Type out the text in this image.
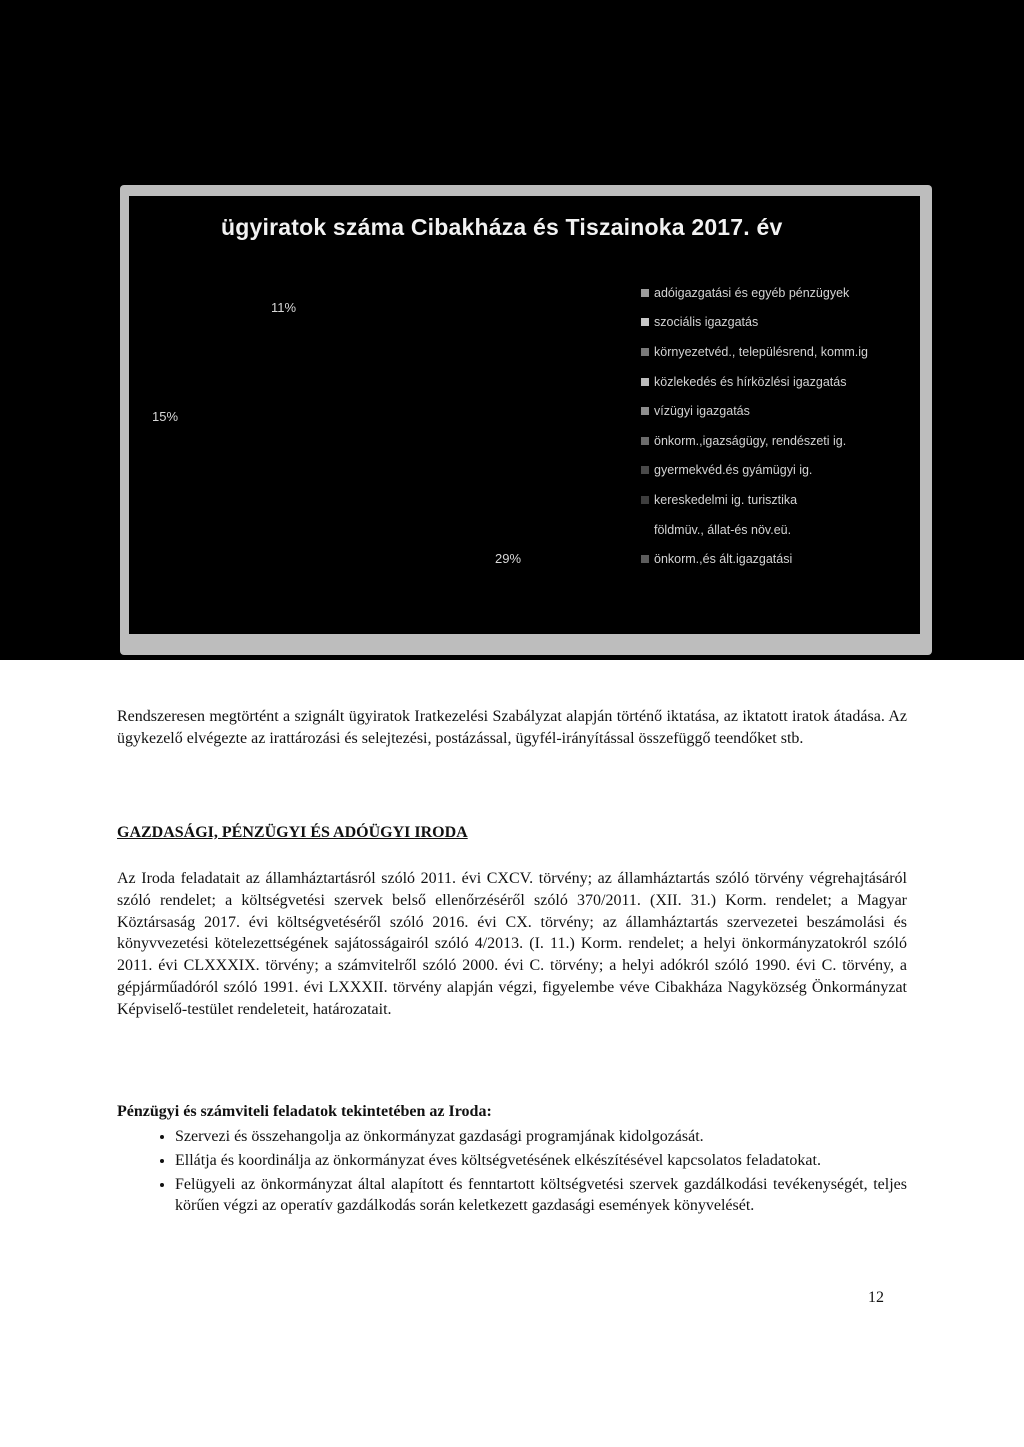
ügyiratok száma Cibakháza és Tiszainoka 2017. év
11%
15%
29%
adóigazgatási és egyéb pénzügyek
szociális igazgatás
környezetvéd., településrend, komm.ig
közlekedés és hírközlési igazgatás
vízügyi igazgatás
önkorm.,igazságügy, rendészeti ig.
gyermekvéd.és gyámügyi ig.
kereskedelmi ig. turisztika
földmüv., állat-és növ.eü.
önkorm.,és ált.igazgatási
Rendszeresen megtörtént a szignált ügyiratok Iratkezelési Szabályzat alapján történő iktatása, az iktatott iratok átadása. Az ügykezelő elvégezte az irattározási és selejtezési, postázással, ügyfél-irányítással összefüggő teendőket stb.
GAZDASÁGI, PÉNZÜGYI ÉS ADÓÜGYI IRODA
Az Iroda feladatait az államháztartásról szóló 2011. évi CXCV. törvény; az államháztartás szóló törvény végrehajtásáról szóló rendelet; a költségvetési szervek belső ellenőrzéséről szóló 370/2011. (XII. 31.) Korm. rendelet; a Magyar Köztársaság 2017. évi költségvetéséről szóló 2016. évi CX. törvény; az államháztartás szervezetei beszámolási és könyvvezetési kötelezettségének sajátosságairól szóló 4/2013. (I. 11.) Korm. rendelet; a helyi önkormányzatokról szóló 2011. évi CLXXXIX. törvény; a számvitelről szóló 2000. évi C. törvény; a helyi adókról szóló 1990. évi C. törvény, a gépjárműadóról szóló 1991. évi LXXXII. törvény alapján végzi, figyelembe véve Cibakháza Nagyközség Önkormányzat Képviselő-testület rendeleteit, határozatait.
Pénzügyi és számviteli feladatok tekintetében az Iroda:
• Szervezi és összehangolja az önkormányzat gazdasági programjának kidolgozását.
• Ellátja és koordinálja az önkormányzat éves költségvetésének elkészítésével kapcsolatos feladatokat.
• Felügyeli az önkormányzat által alapított és fenntartott költségvetési szervek gazdálkodási tevékenységét, teljes körűen végzi az operatív gazdálkodás során keletkezett gazdasági események könyvelését.
12
